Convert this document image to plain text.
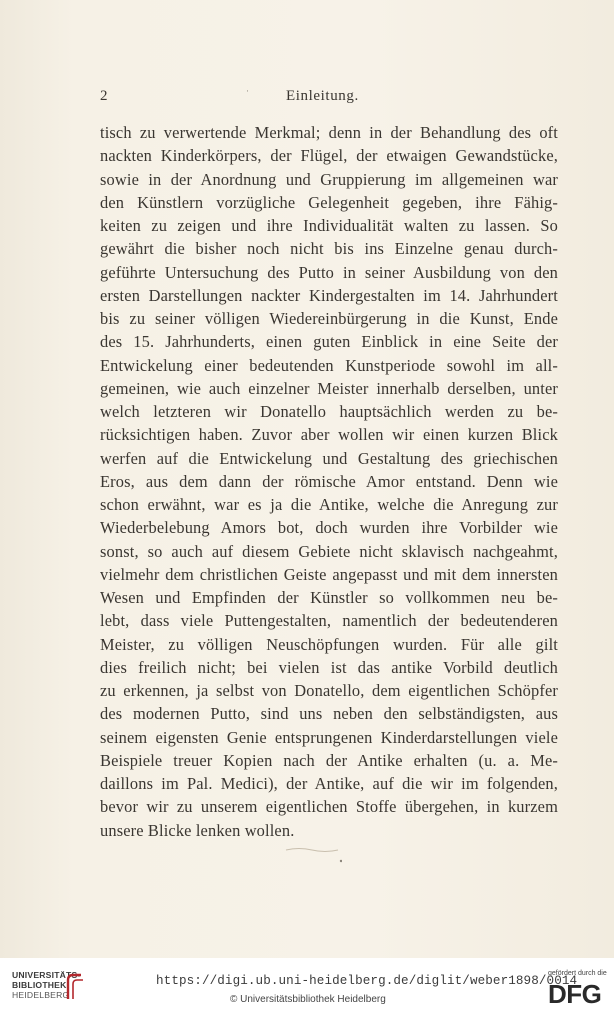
2	· Einleitung.

tisch zu verwertende Merkmal; denn in der Behandlung des oft
nackten Kinderkörpers, der Flügel, der etwaigen Gewandstücke,
sowie in der Anordnung und Gruppierung im allgemeinen war
den Künstlern vorzügliche Gelegenheit gegeben, ihre Fähig-
keiten zu zeigen und ihre Individualität walten zu lassen. So
gewährt die bisher noch nicht bis ins Einzelne genau durch-
geführte Untersuchung des Putto in seiner Ausbildung von den
ersten Darstellungen nackter Kindergestalten im 14. Jahrhundert
bis zu seiner völligen Wiedereinbürgerung in die Kunst, Ende
des 15. Jahrhunderts, einen guten Einblick in eine Seite der
Entwickelung einer bedeutenden Kunstperiode sowohl im all-
gemeinen, wie auch einzelner Meister innerhalb derselben, unter
welch letzteren wir Donatello hauptsächlich werden zu be-
rücksichtigen haben. Zuvor aber wollen wir einen kurzen Blick
werfen auf die Entwickelung und Gestaltung des griechischen
Eros, aus dem dann der römische Amor entstand. Denn wie
schon erwähnt, war es ja die Antike, welche die Anregung zur
Wiederbelebung Amors bot, doch wurden ihre Vorbilder wie
sonst, so auch auf diesem Gebiete nicht sklavisch nachgeahmt,
vielmehr dem christlichen Geiste angepasst und mit dem innersten
Wesen und Empfinden der Künstler so vollkommen neu be-
lebt, dass viele Puttengestalten, namentlich der bedeutenderen
Meister, zu völligen Neuschöpfungen wurden. Für alle gilt
dies freilich nicht; bei vielen ist das antike Vorbild deutlich
zu erkennen, ja selbst von Donatello, dem eigentlichen Schöpfer
des modernen Putto, sind uns neben den selbständigsten, aus
seinem eigensten Genie entsprungenen Kinderdarstellungen viele
Beispiele treuer Kopien nach der Antike erhalten (u. a. Me-
daillons im Pal. Medici), der Antike, auf die wir im folgenden,
bevor wir zu unserem eigentlichen Stoffe übergehen, in kurzem
unsere Blicke lenken wollen.

UNIVERSITÄTS-
BIBLIOTHEK
HEIDELBERG
https://digi.ub.uni-heidelberg.de/diglit/weber1898/0014
© Universitätsbibliothek Heidelberg
gefördert durch die
DFG
